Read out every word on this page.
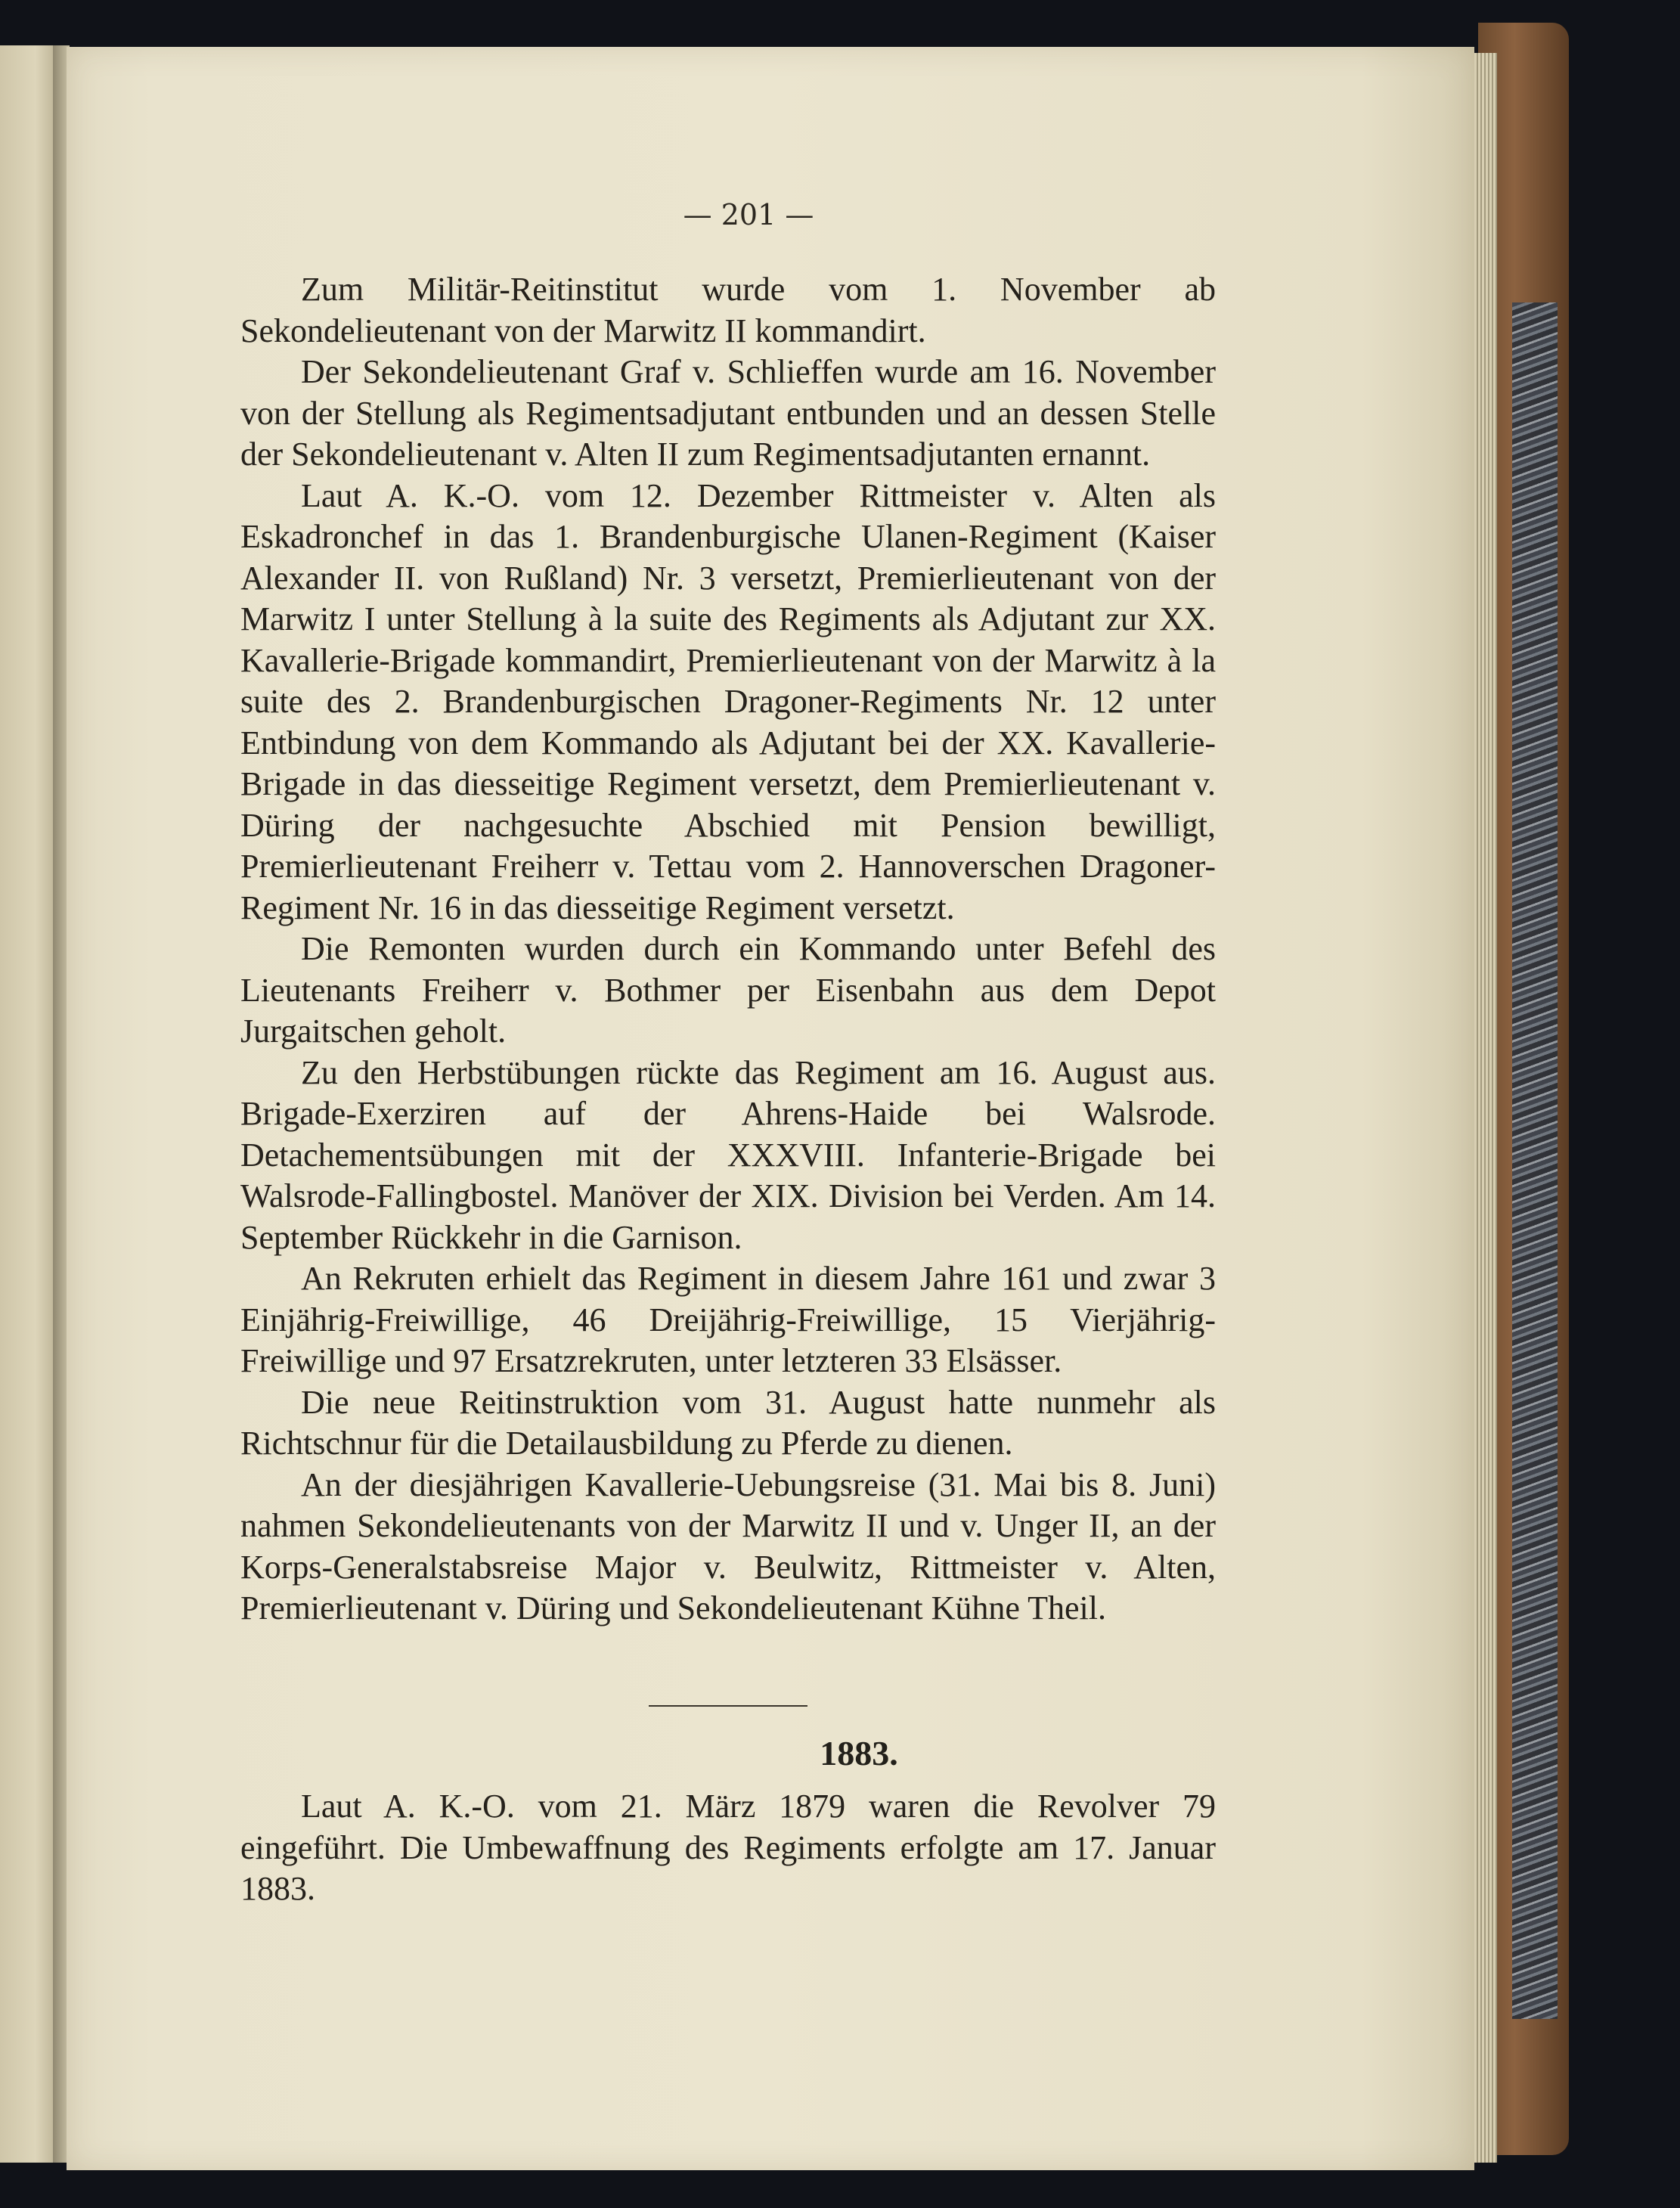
— 201 —

Zum Militär-Reitinstitut wurde vom 1. November ab Sekondelieutenant von der Marwitz II kommandirt.

Der Sekondelieutenant Graf v. Schlieffen wurde am 16. November von der Stellung als Regimentsadjutant entbunden und an dessen Stelle der Sekondelieutenant v. Alten II zum Regimentsadjutanten ernannt.

Laut A. K.-O. vom 12. Dezember Rittmeister v. Alten als Eskadronchef in das 1. Brandenburgische Ulanen-Regiment (Kaiser Alexander II. von Rußland) Nr. 3 versetzt, Premierlieutenant von der Marwitz I unter Stellung à la suite des Regiments als Adjutant zur XX. Kavallerie-Brigade kommandirt, Premierlieutenant von der Marwitz à la suite des 2. Brandenburgischen Dragoner-Regiments Nr. 12 unter Entbindung von dem Kommando als Adjutant bei der XX. Kavallerie-Brigade in das diesseitige Regiment versetzt, dem Premierlieutenant v. Düring der nachgesuchte Abschied mit Pension bewilligt, Premierlieutenant Freiherr v. Tettau vom 2. Hannoverschen Dragoner-Regiment Nr. 16 in das diesseitige Regiment versetzt.

Die Remonten wurden durch ein Kommando unter Befehl des Lieutenants Freiherr v. Bothmer per Eisenbahn aus dem Depot Jurgaitschen geholt.

Zu den Herbstübungen rückte das Regiment am 16. August aus. Brigade-Exerziren auf der Ahrens-Haide bei Walsrode. Detachementsübungen mit der XXXVIII. Infanterie-Brigade bei Walsrode-Fallingbostel. Manöver der XIX. Division bei Verden. Am 14. September Rückkehr in die Garnison.

An Rekruten erhielt das Regiment in diesem Jahre 161 und zwar 3 Einjährig-Freiwillige, 46 Dreijährig-Freiwillige, 15 Vierjährig-Freiwillige und 97 Ersatzrekruten, unter letzteren 33 Elsässer.

Die neue Reitinstruktion vom 31. August hatte nunmehr als Richtschnur für die Detailausbildung zu Pferde zu dienen.

An der diesjährigen Kavallerie-Uebungsreise (31. Mai bis 8. Juni) nahmen Sekondelieutenants von der Marwitz II und v. Unger II, an der Korps-Generalstabsreise Major v. Beulwitz, Rittmeister v. Alten, Premierlieutenant v. Düring und Sekondelieutenant Kühne Theil.

1883.

Laut A. K.-O. vom 21. März 1879 waren die Revolver 79 eingeführt. Die Umbewaffnung des Regiments erfolgte am 17. Januar 1883.
